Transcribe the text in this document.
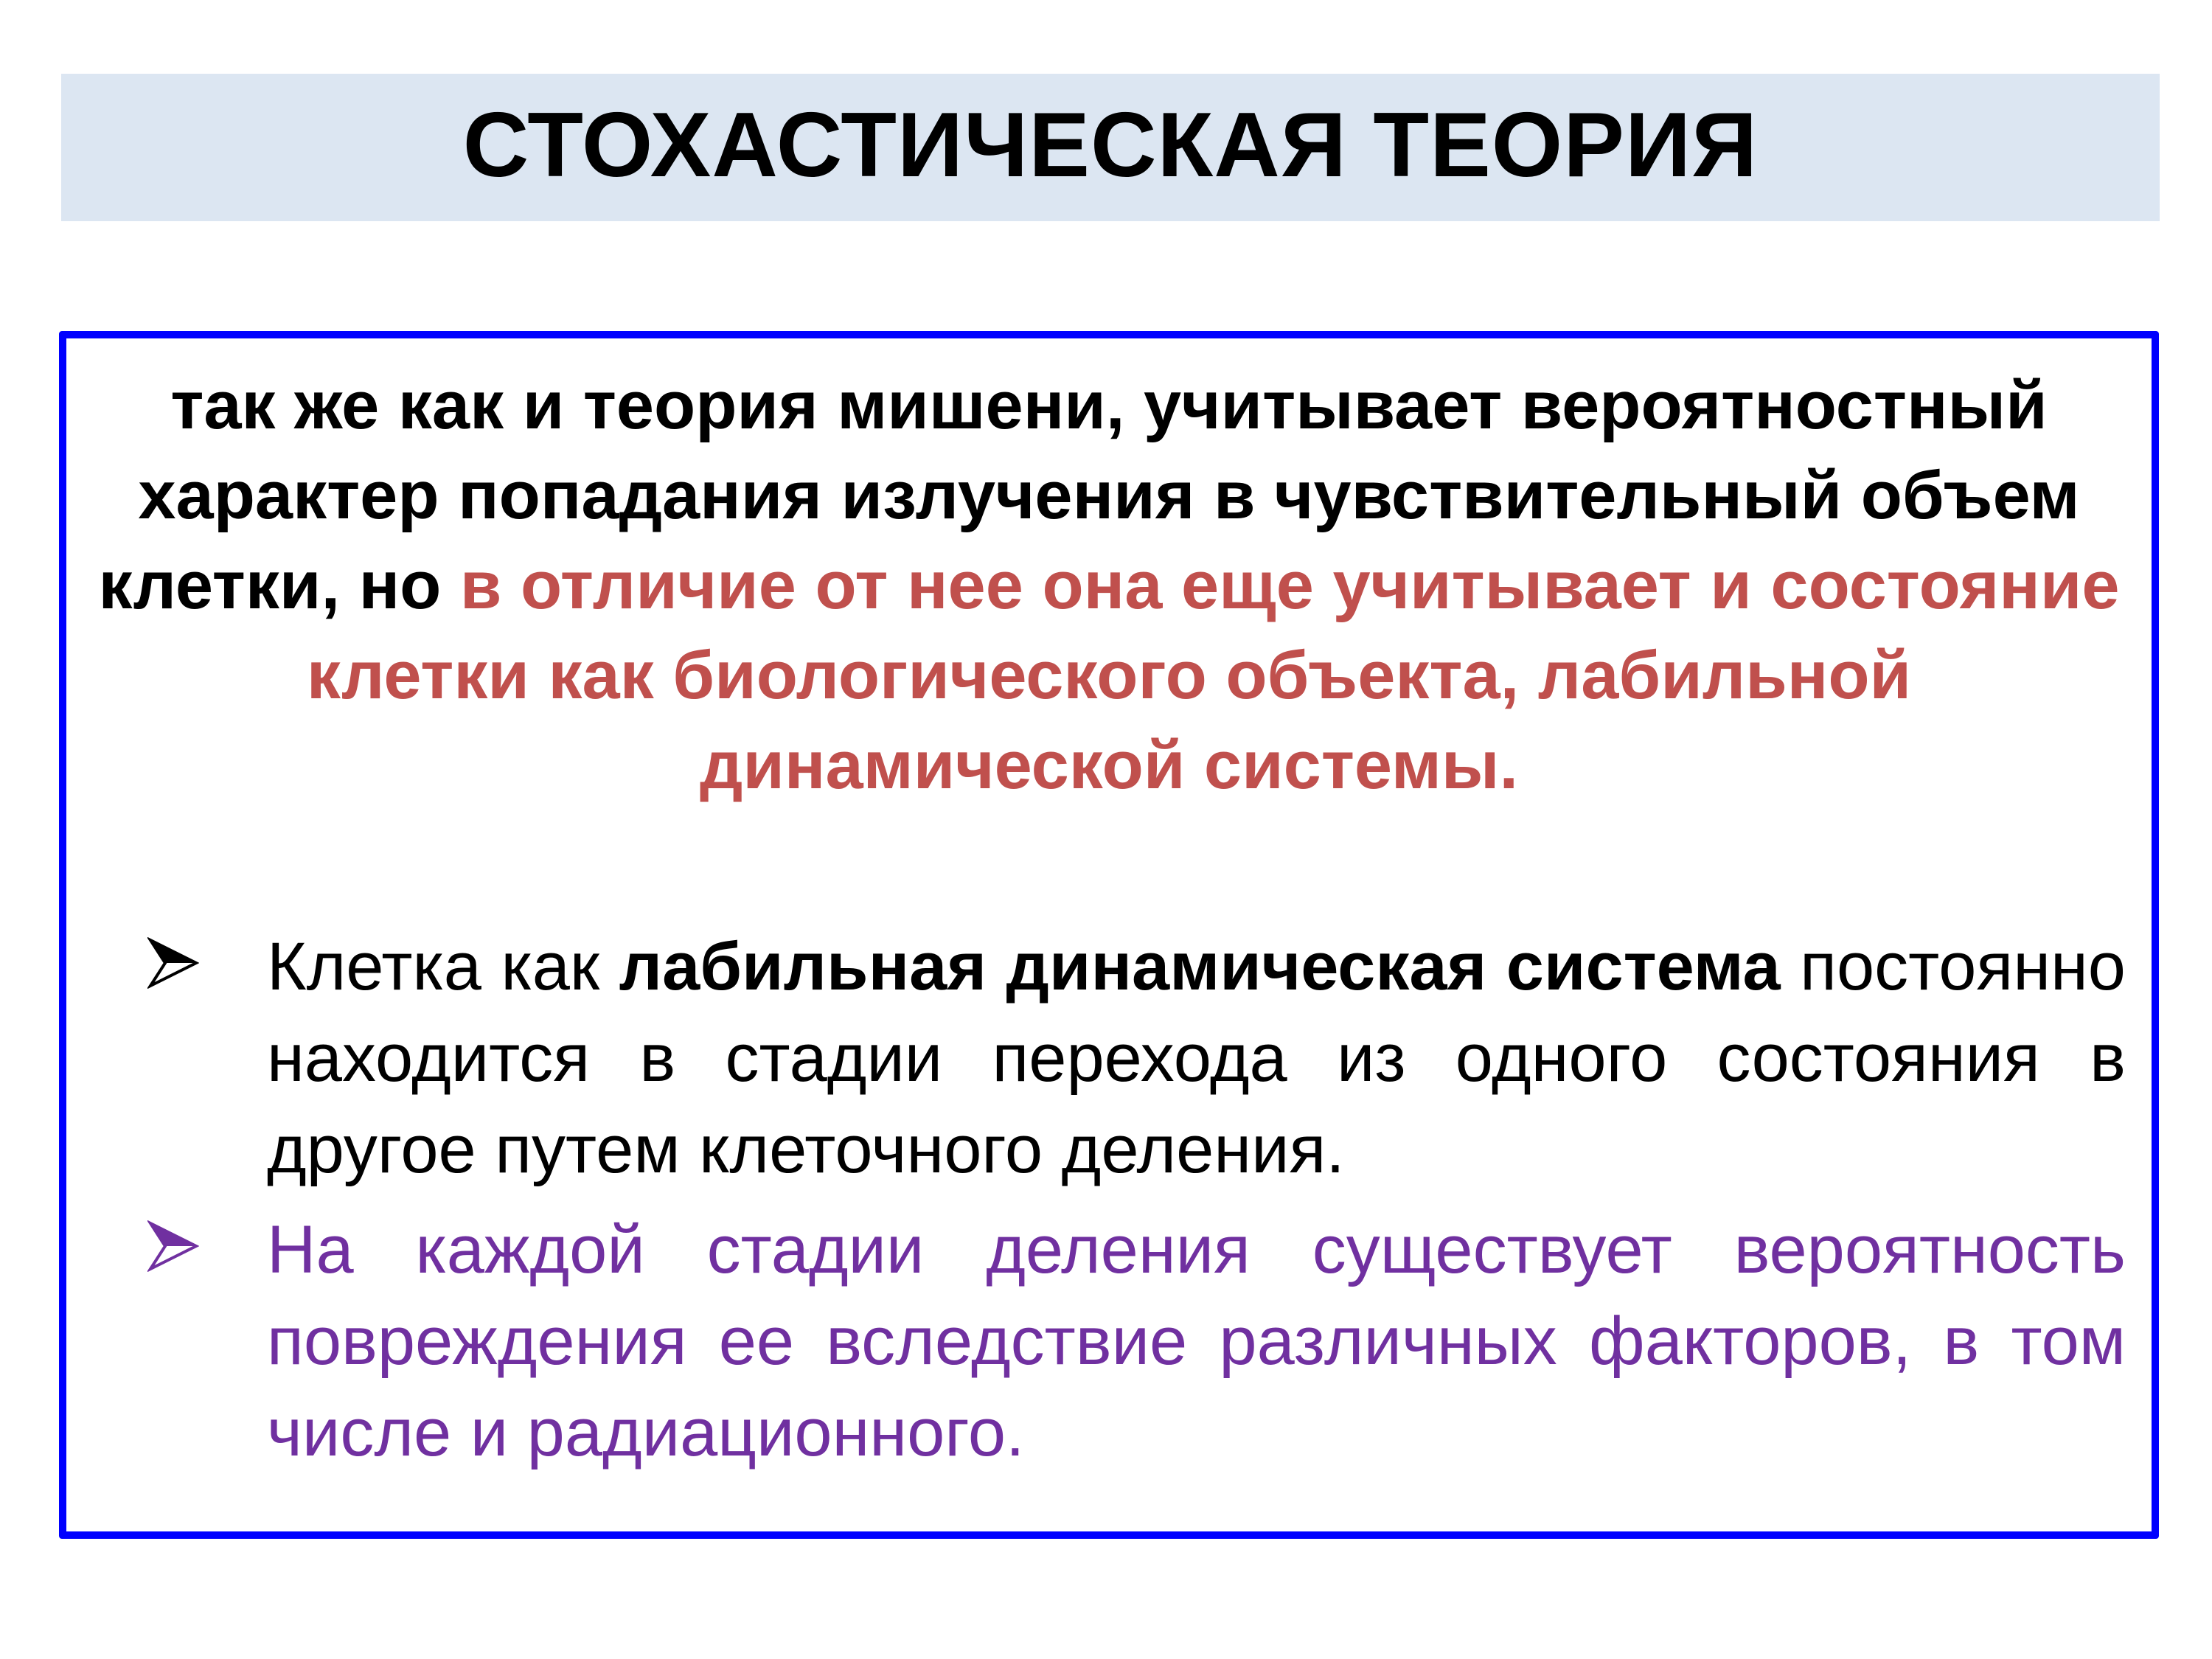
СТОХАСТИЧЕСКАЯ ТЕОРИЯ
так же как и теория мишени, учитывает вероятностный характер попадания излучения в чувствительный объем клетки, но в отличие от нее она еще учитывает и состояние клетки как биологического объекта, лабильной динамической системы.
Клетка как лабильная динамическая система постоянно находится в стадии перехода из одного состояния в другое путем клеточного деления.
На каждой стадии деления существует вероятность повреждения ее вследствие различных факторов, в том числе и радиационного.
